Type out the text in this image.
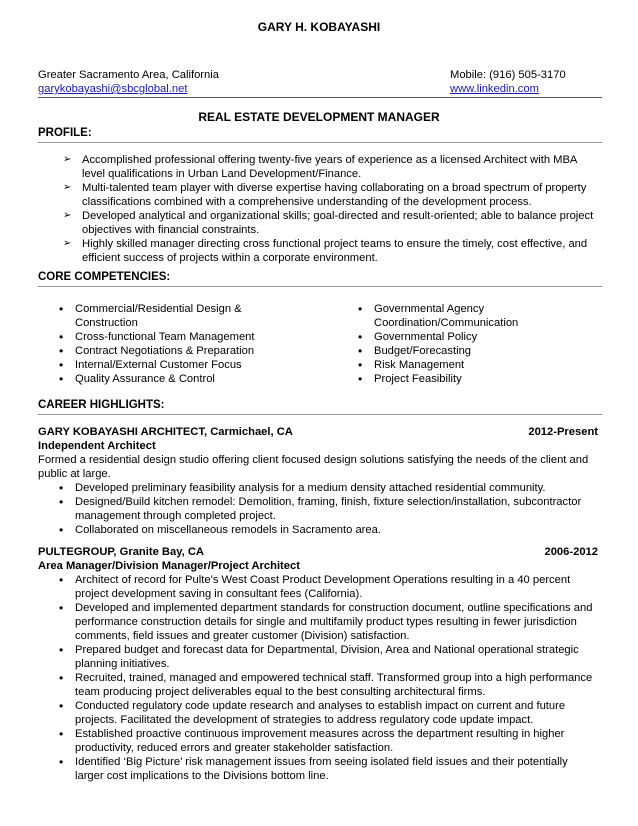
GARY H. KOBAYASHI
Greater Sacramento Area, California	Mobile: (916) 505-3170
garykobayashi@sbcglobal.net	www.linkedin.com
REAL ESTATE DEVELOPMENT MANAGER
PROFILE:
➢ Accomplished professional offering twenty-five years of experience as a licensed Architect with MBA level qualifications in Urban Land Development/Finance.
➢ Multi-talented team player with diverse expertise having collaborating on a broad spectrum of property classifications combined with a comprehensive understanding of the development process.
➢ Developed analytical and organizational skills; goal-directed and result-oriented; able to balance project objectives with financial constraints.
➢ Highly skilled manager directing cross functional project teams to ensure the timely, cost effective, and efficient success of projects within a corporate environment.
CORE COMPETENCIES:
• Commercial/Residential Design & Construction
• Cross-functional Team Management
• Contract Negotiations & Preparation
• Internal/External Customer Focus
• Quality Assurance & Control
• Governmental Agency Coordination/Communication
• Governmental Policy
• Budget/Forecasting
• Risk Management
• Project Feasibility
CAREER HIGHLIGHTS:
GARY KOBAYASHI ARCHITECT, Carmichael, CA	2012-Present
Independent Architect
Formed a residential design studio offering client focused design solutions satisfying the needs of the client and public at large.
• Developed preliminary feasibility analysis for a medium density attached residential community.
• Designed/Build kitchen remodel: Demolition, framing, finish, fixture selection/installation, subcontractor management through completed project.
• Collaborated on miscellaneous remodels in Sacramento area.
PULTEGROUP, Granite Bay, CA	2006-2012
Area Manager/Division Manager/Project Architect
• Architect of record for Pulte’s West Coast Product Development Operations resulting in a 40 percent project development saving in consultant fees (California).
• Developed and implemented department standards for construction document, outline specifications and performance construction details for single and multifamily product types resulting in fewer jurisdiction comments, field issues and greater customer (Division) satisfaction.
• Prepared budget and forecast data for Departmental, Division, Area and National operational strategic planning initiatives.
• Recruited, trained, managed and empowered technical staff. Transformed group into a high performance team producing project deliverables equal to the best consulting architectural firms.
• Conducted regulatory code update research and analyses to establish impact on current and future projects. Facilitated the development of strategies to address regulatory code update impact.
• Established proactive continuous improvement measures across the department resulting in higher productivity, reduced errors and greater stakeholder satisfaction.
• Identified ‘Big Picture’ risk management issues from seeing isolated field issues and their potentially larger cost implications to the Divisions bottom line.
